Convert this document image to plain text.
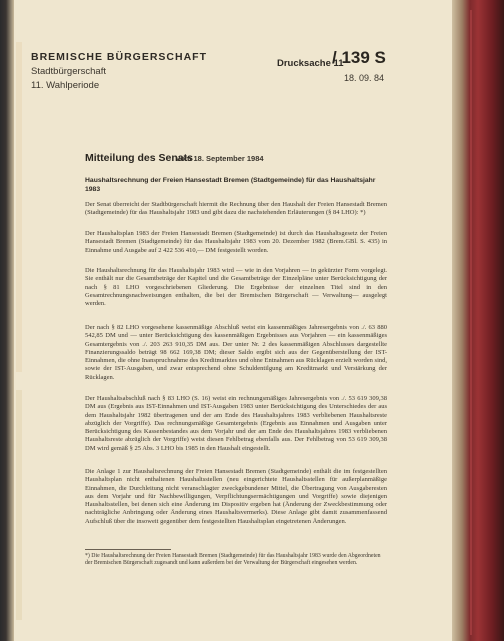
BREMISCHE BÜRGERSCHAFT
Stadtbürgerschaft
11. Wahlperiode
Drucksache 11
/ 139 S
18. 09. 84
Mitteilung des Senats
vom 18. September 1984
Haushaltsrechnung der Freien Hansestadt Bremen (Stadtgemeinde) für das Haushaltsjahr 1983
Der Senat überreicht der Stadtbürgerschaft hiermit die Rechnung über den Haushalt der Freien Hansestadt Bremen (Stadtgemeinde) für das Haushaltsjahr 1983 und gibt dazu die nachstehenden Erläuterungen (§ 84 LHO): *)
Der Haushaltsplan 1983 der Freien Hansestadt Bremen (Stadtgemeinde) ist durch das Haushaltsgesetz der Freien Hansestadt Bremen (Stadtgemeinde) für das Haushaltsjahr 1983 vom 20. Dezember 1982 (Brem.GBl. S. 435) in Einnahme und Ausgabe auf 2 422 536 410,— DM festgestellt worden.
Die Haushaltsrechnung für das Haushaltsjahr 1983 wird — wie in den Vorjahren — in gekürzter Form vorgelegt. Sie enthält nur die Gesamtbeträge der Kapitel und die Gesamtbeträge der Einzelpläne unter Berücksichtigung der nach § 81 LHO vorgeschriebenen Gliederung. Die Ergebnisse der einzelnen Titel sind in den Gesamtrechnungsnachweisungen enthalten, die bei der Bremischen Bürgerschaft — Verwaltung— ausgelegt werden.
Der nach § 82 LHO vorgesehene kassenmäßige Abschluß weist ein kassenmäßiges Jahresergebnis von ./. 63 880 542,85 DM und — unter Berücksichtigung des kassenmäßigen Ergebnisses aus Vorjahren — ein kassenmäßiges Gesamtergebnis von ./. 203 263 910,35 DM aus. Der unter Nr. 2 des kassenmäßigen Abschlusses dargestellte Finanzierungssaldo beträgt 98 662 169,38 DM; dieser Saldo ergibt sich aus der Gegenüberstellung der IST-Einnahmen, die ohne Inanspruchnahme des Kreditmarktes und ohne Entnahmen aus Rücklagen erzielt worden sind, sowie der IST-Ausgaben, und zwar entsprechend ohne Schuldentilgung am Kreditmarkt und Verstärkung der Rücklagen.
Der Haushaltsabschluß nach § 83 LHO (S. 16) weist ein rechnungsmäßiges Jahresergebnis von ./. 53 619 309,38 DM aus (Ergebnis aus IST-Einnahmen und IST-Ausgaben 1983 unter Berücksichtigung des Unterschiedes der aus dem Haushaltsjahr 1982 übertragenen und der am Ende des Haushaltsjahres 1983 verbliebenen Haushaltsreste abzüglich der Vorgriffe). Das rechnungsmäßige Gesamtergebnis (Ergebnis aus Einnahmen und Ausgaben unter Berücksichtigung des Kassenbestandes aus dem Vorjahr und der am Ende des Haushaltsjahres 1983 verbliebenen Haushaltsreste abzüglich der Vorgriffe) weist diesen Fehlbetrag ebenfalls aus. Der Fehlbetrag von 53 619 309,38 DM wird gemäß § 25 Abs. 3 LHO bis 1985 in den Haushalt eingestellt.
Die Anlage 1 zur Haushaltsrechnung der Freien Hansestadt Bremen (Stadtgemeinde) enthält die im festgestellten Haushaltsplan nicht enthaltenen Haushaltsstellen (neu eingerichtete Haushaltsstellen für außerplanmäßige Einnahmen, die Durchleitung nicht veranschlagter zweckgebundener Mittel, die Übertragung von Ausgaberesten aus dem Vorjahr und für Nachbewilligungen, Verpflichtungsermächtigungen und Vorgriffe) sowie diejenigen Haushaltsstellen, bei denen sich eine Änderung im Dispositiv ergeben hat (Änderung der Zweckbestimmung oder nachträgliche Anbringung oder Änderung eines Haushaltsvermerks). Diese Anlage gibt damit zusammenfassend Aufschluß über die insoweit gegenüber dem festgestellten Haushaltsplan eingetretenen Änderungen.
*) Die Haushaltsrechnung der Freien Hansestadt Bremen (Stadtgemeinde) für das Haushaltsjahr 1983 wurde den Abgeordneten der Bremischen Bürgerschaft zugesandt und kann außerdem bei der Verwaltung der Bürgerschaft eingesehen werden.
